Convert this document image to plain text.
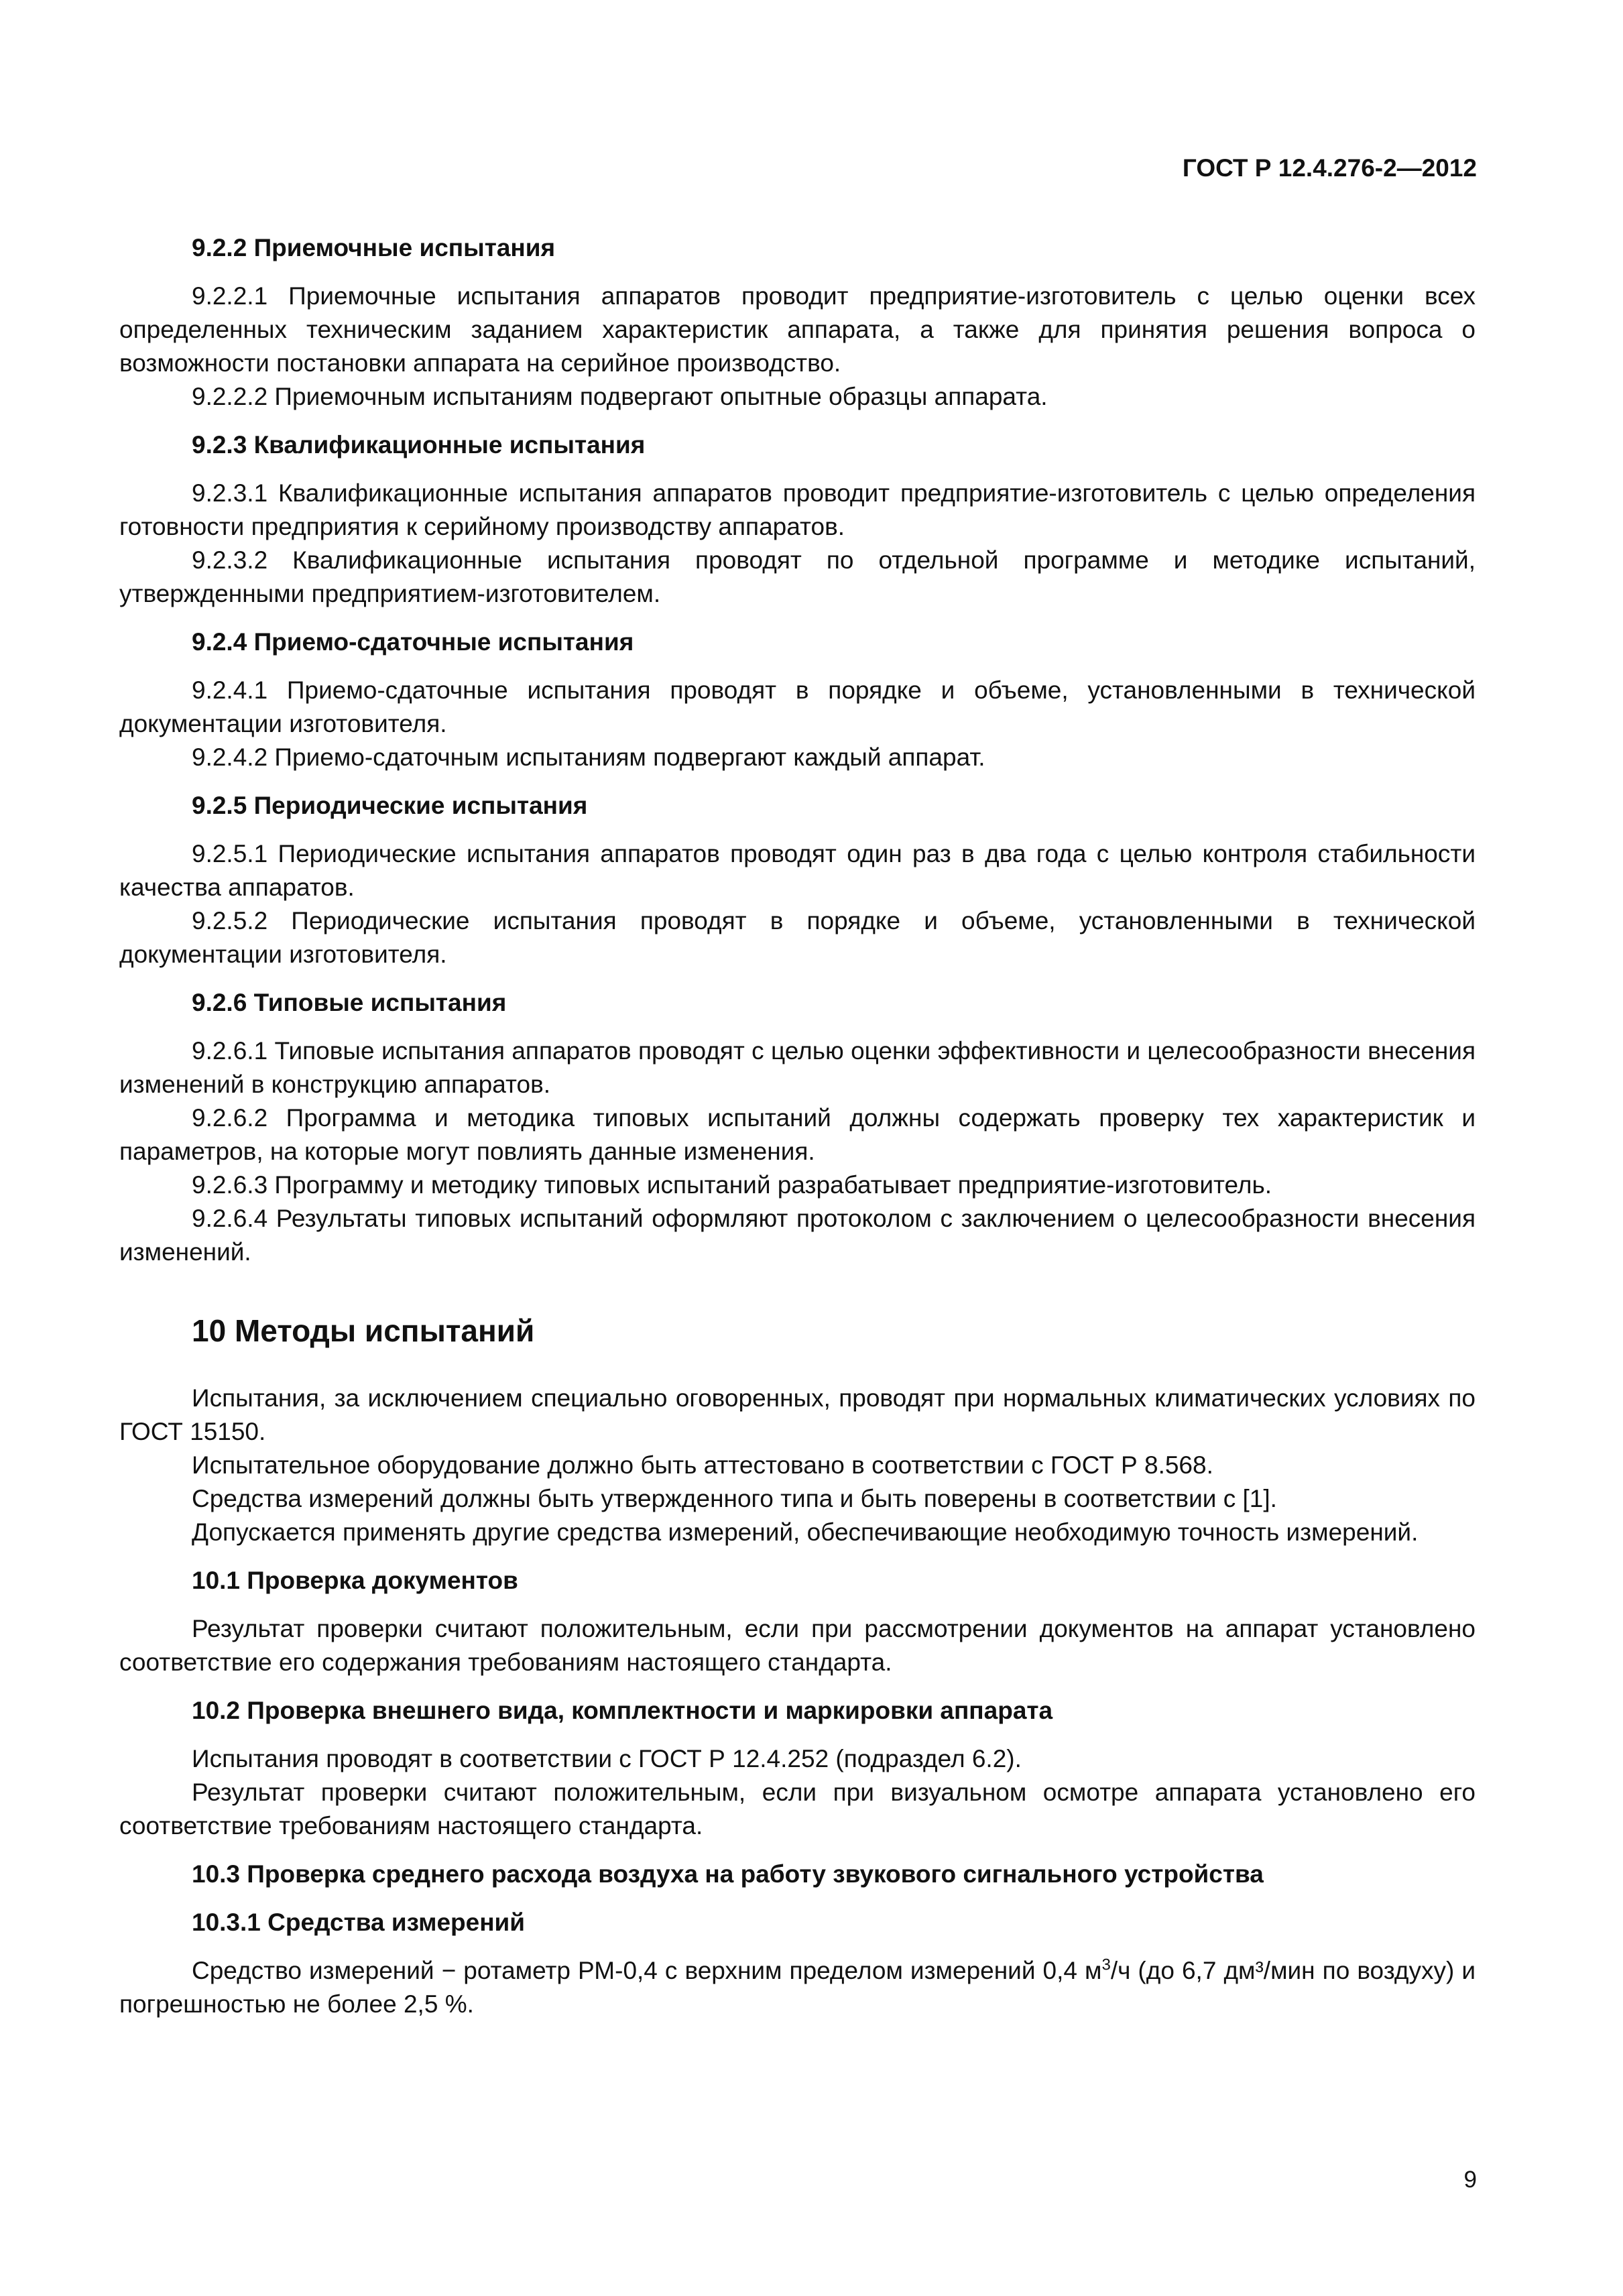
ГОСТ Р 12.4.276-2—2012
9.2.2 Приемочные испытания

9.2.2.1 Приемочные испытания аппаратов проводит предприятие-изготовитель с целью оценки всех определенных техническим заданием характеристик аппарата, а также для принятия решения вопроса о возможности постановки аппарата на серийное производство.

9.2.2.2 Приемочным испытаниям подвергают опытные образцы аппарата.

9.2.3 Квалификационные испытания

9.2.3.1 Квалификационные испытания аппаратов проводит предприятие-изготовитель с целью определения готовности предприятия к серийному производству аппаратов.

9.2.3.2 Квалификационные испытания проводят по отдельной программе и методике испытаний, утвержденными предприятием-изготовителем.

9.2.4 Приемо-сдаточные испытания

9.2.4.1 Приемо-сдаточные испытания проводят в порядке и объеме, установленными в технической документации изготовителя.

9.2.4.2 Приемо-сдаточным испытаниям подвергают каждый аппарат.

9.2.5 Периодические испытания

9.2.5.1 Периодические испытания аппаратов проводят один раз в два года с целью контроля стабильности качества аппаратов.

9.2.5.2 Периодические испытания проводят в порядке и объеме, установленными в технической документации изготовителя.

9.2.6 Типовые испытания

9.2.6.1 Типовые испытания аппаратов проводят с целью оценки эффективности и целесообразности внесения изменений в конструкцию аппаратов.

9.2.6.2 Программа и методика типовых испытаний должны содержать проверку тех характеристик и параметров, на которые могут повлиять данные изменения.

9.2.6.3 Программу и методику типовых испытаний разрабатывает предприятие-изготовитель.

9.2.6.4 Результаты типовых испытаний оформляют протоколом с заключением о целесообразности внесения изменений.

10 Методы испытаний

Испытания, за исключением специально оговоренных, проводят при нормальных климатических условиях по ГОСТ 15150.

Испытательное оборудование должно быть аттестовано в соответствии с ГОСТ Р 8.568.

Средства измерений должны быть утвержденного типа и быть поверены в соответствии с [1].

Допускается применять другие средства измерений, обеспечивающие необходимую точность измерений.

10.1 Проверка документов

Результат проверки считают положительным, если при рассмотрении документов на аппарат установлено соответствие его содержания требованиям настоящего стандарта.

10.2 Проверка внешнего вида, комплектности и маркировки аппарата

Испытания проводят в соответствии с ГОСТ Р 12.4.252 (подраздел 6.2).

Результат проверки считают положительным, если при визуальном осмотре аппарата установлено его соответствие требованиям настоящего стандарта.

10.3 Проверка среднего расхода воздуха на работу звукового сигнального устройства
10.3.1 Средства измерений

Средство измерений − ротаметр РМ-0,4 с верхним пределом измерений 0,4 $м^3/ч$ (до 6,7 дм³/мин по воздуху) и погрешностью не более 2,5 %.

9
